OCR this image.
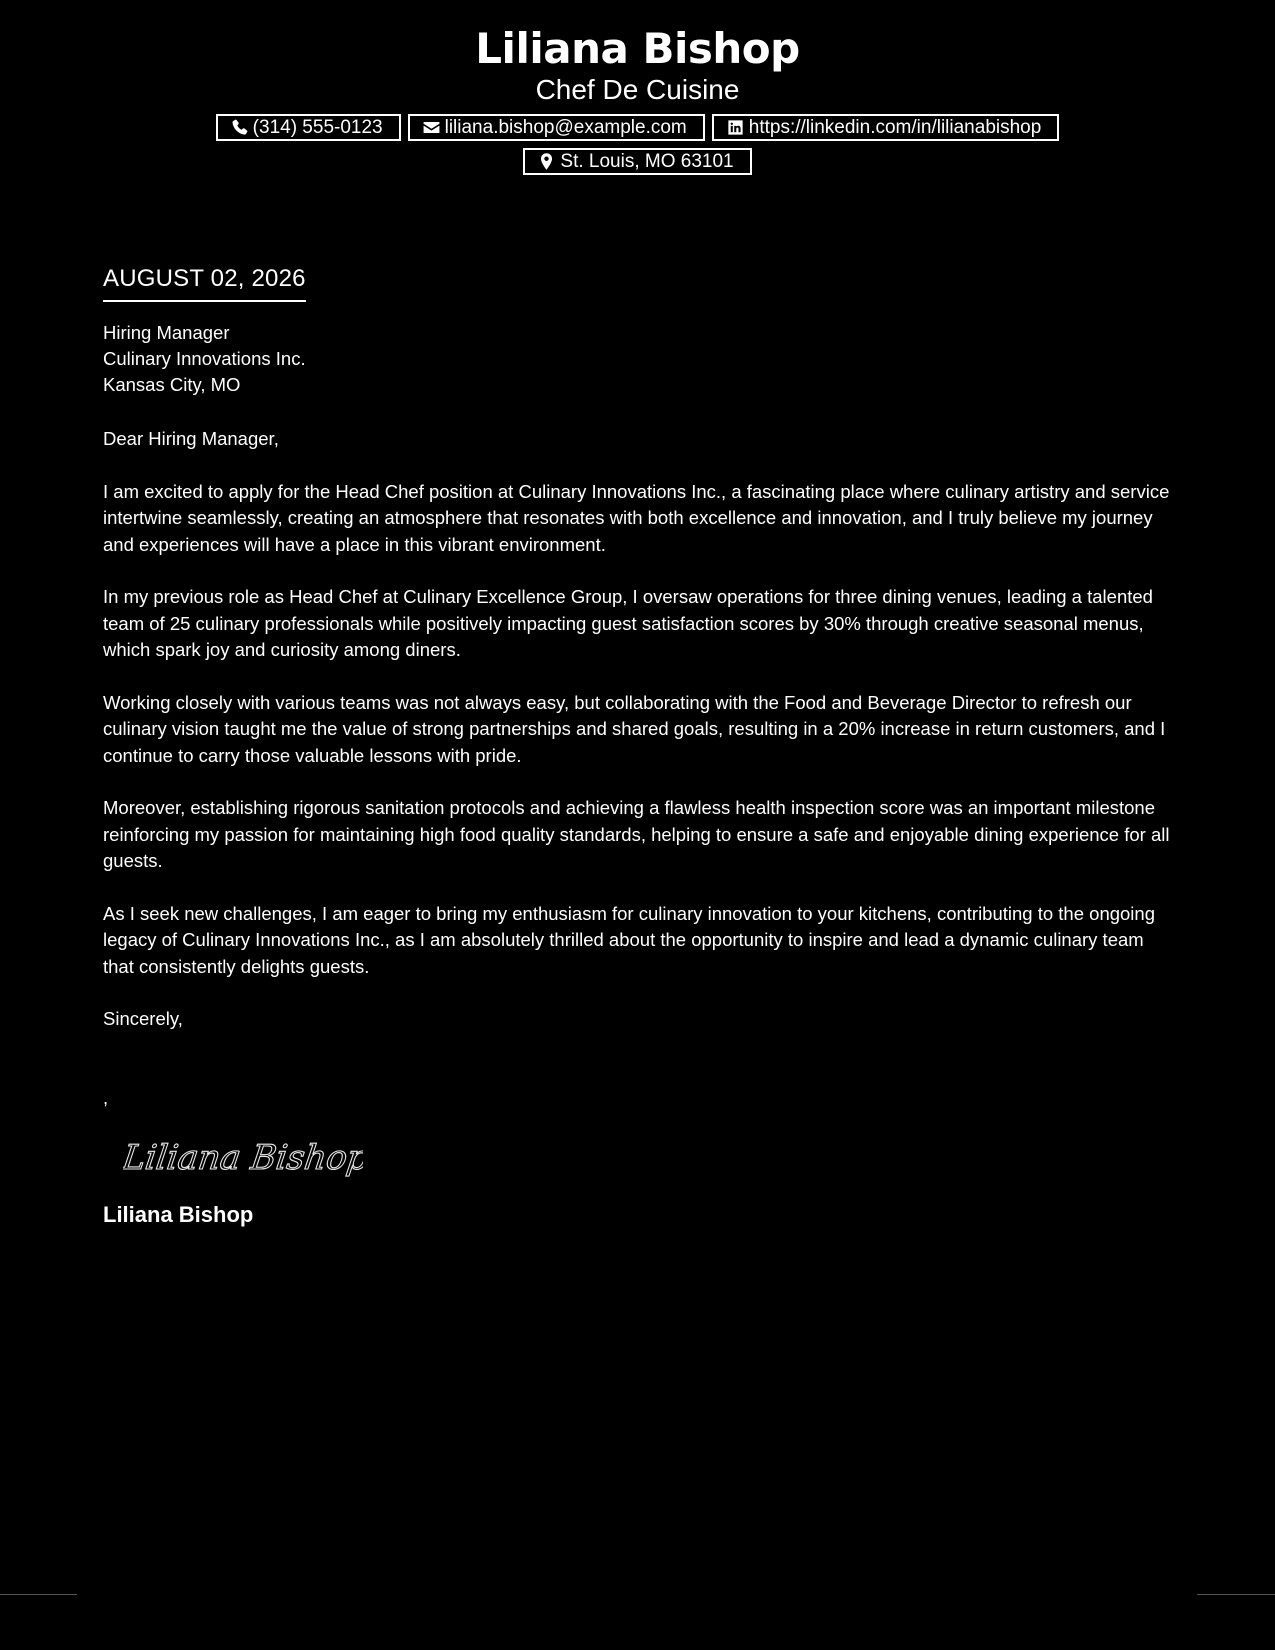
Liliana Bishop
Chef De Cuisine
(314) 555-0123	liliana.bishop@example.com	https://linkedin.com/in/lilianabishop
St. Louis, MO 63101
AUGUST 02, 2026
Hiring Manager
Culinary Innovations Inc.
Kansas City, MO
Dear Hiring Manager,
I am excited to apply for the Head Chef position at Culinary Innovations Inc., a fascinating place where culinary artistry and service intertwine seamlessly, creating an atmosphere that resonates with both excellence and innovation, and I truly believe my journey and experiences will have a place in this vibrant environment.
In my previous role as Head Chef at Culinary Excellence Group, I oversaw operations for three dining venues, leading a talented team of 25 culinary professionals while positively impacting guest satisfaction scores by 30% through creative seasonal menus, which spark joy and curiosity among diners.
Working closely with various teams was not always easy, but collaborating with the Food and Beverage Director to refresh our culinary vision taught me the value of strong partnerships and shared goals, resulting in a 20% increase in return customers, and I continue to carry those valuable lessons with pride.
Moreover, establishing rigorous sanitation protocols and achieving a flawless health inspection score was an important milestone reinforcing my passion for maintaining high food quality standards, helping to ensure a safe and enjoyable dining experience for all guests.
As I seek new challenges, I am eager to bring my enthusiasm for culinary innovation to your kitchens, contributing to the ongoing legacy of Culinary Innovations Inc., as I am absolutely thrilled about the opportunity to inspire and lead a dynamic culinary team that consistently delights guests.
Sincerely,
,
Liliana Bishop
Liliana Bishop
